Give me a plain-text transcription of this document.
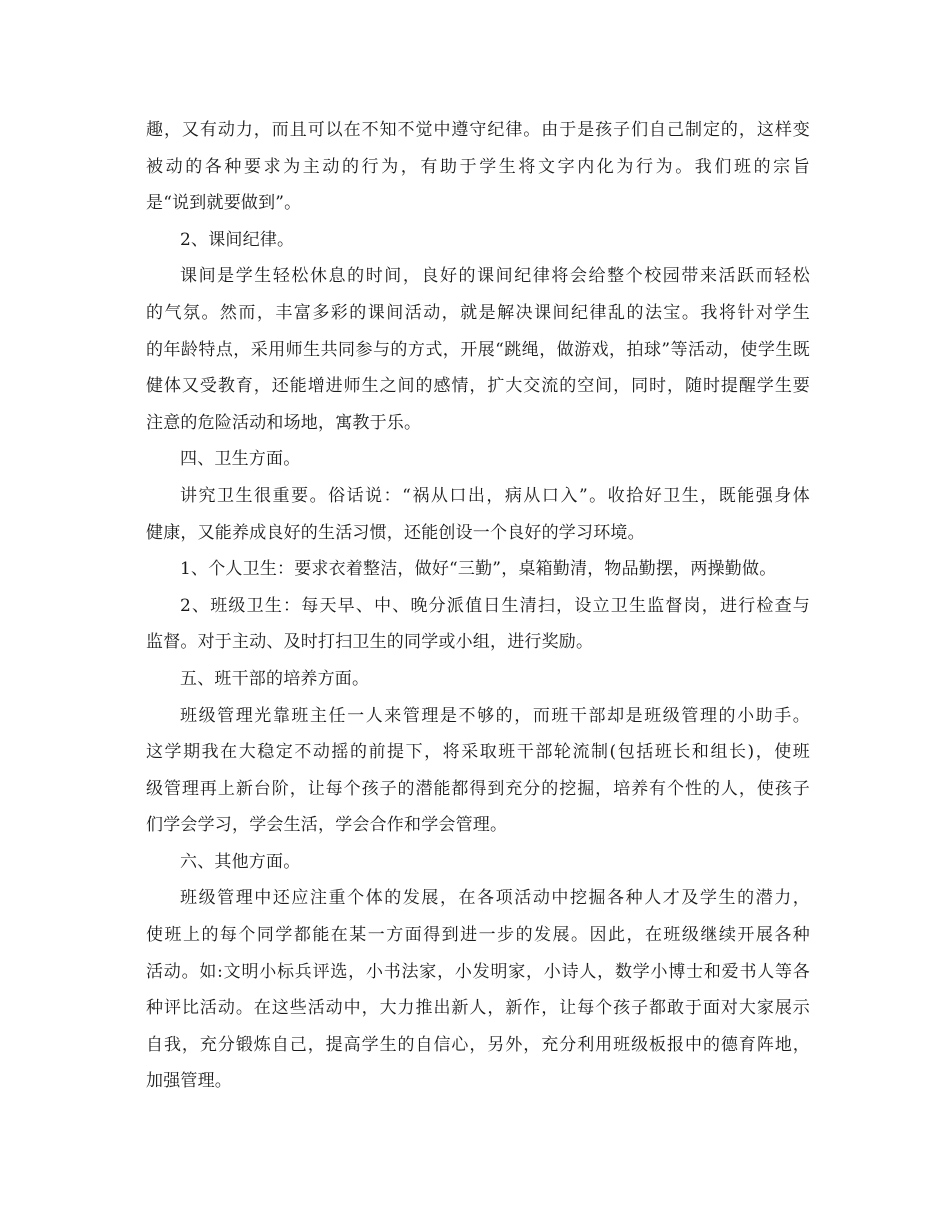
趣，又有动力，而且可以在不知不觉中遵守纪律。由于是孩子们自己制定的，这样变
被动的各种要求为主动的行为，有助于学生将文字内化为行为。我们班的宗旨
是“说到就要做到”。
2、课间纪律。
课间是学生轻松休息的时间，良好的课间纪律将会给整个校园带来活跃而轻松
的气氛。然而，丰富多彩的课间活动，就是解决课间纪律乱的法宝。我将针对学生
的年龄特点，采用师生共同参与的方式，开展“跳绳，做游戏，拍球”等活动，使学生既
健体又受教育，还能增进师生之间的感情，扩大交流的空间，同时，随时提醒学生要
注意的危险活动和场地，寓教于乐。
四、卫生方面。
讲究卫生很重要。俗话说：“祸从口出，病从口入”。收拾好卫生，既能强身体
健康，又能养成良好的生活习惯，还能创设一个良好的学习环境。
1、个人卫生：要求衣着整洁，做好“三勤”，桌箱勤清，物品勤摆，两操勤做。
2、班级卫生：每天早、中、晚分派值日生清扫，设立卫生监督岗，进行检查与
监督。对于主动、及时打扫卫生的同学或小组，进行奖励。
五、班干部的培养方面。
班级管理光靠班主任一人来管理是不够的，而班干部却是班级管理的小助手。
这学期我在大稳定不动摇的前提下，将采取班干部轮流制(包括班长和组长)，使班
级管理再上新台阶，让每个孩子的潜能都得到充分的挖掘，培养有个性的人，使孩子
们学会学习，学会生活，学会合作和学会管理。
六、其他方面。
班级管理中还应注重个体的发展，在各项活动中挖掘各种人才及学生的潜力，
使班上的每个同学都能在某一方面得到进一步的发展。因此，在班级继续开展各种
活动。如:文明小标兵评选，小书法家，小发明家，小诗人，数学小博士和爱书人等各
种评比活动。在这些活动中，大力推出新人，新作，让每个孩子都敢于面对大家展示
自我，充分锻炼自己，提高学生的自信心，另外，充分利用班级板报中的德育阵地，
加强管理。
